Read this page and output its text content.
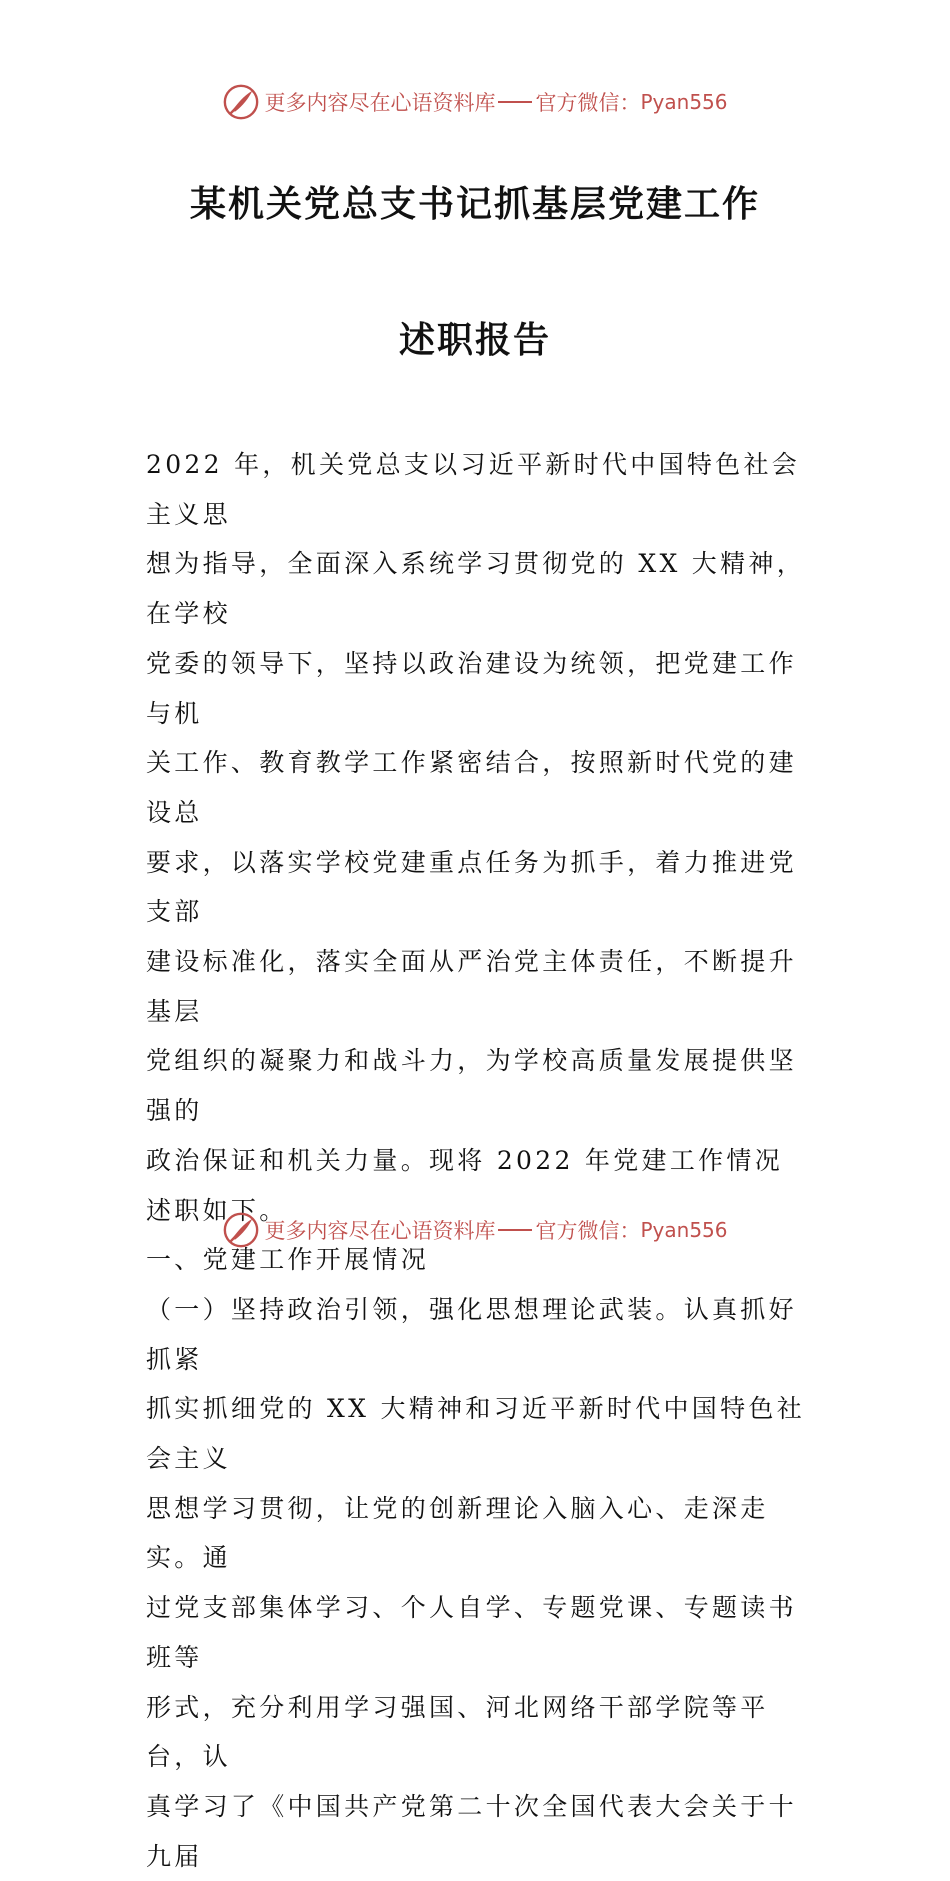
更多内容尽在心语资料库 官方微信： Pyan556
某机关党总支书记抓基层党建工作
述职报告

2022 年，机关党总支以习近平新时代中国特色社会主义思

想为指导，全面深入系统学习贯彻党的 XX 大精神，在学校

党委的领导下，坚持以政治建设为统领，把党建工作与机

关工作、教育教学工作紧密结合，按照新时代党的建设总

要求，以落实学校党建重点任务为抓手，着力推进党支部

建设标准化，落实全面从严治党主体责任，不断提升基层

党组织的凝聚力和战斗力，为学校高质量发展提供坚强的

政治保证和机关力量。现将 2022 年党建工作情况述职如下。

一、党建工作开展情况

（一）坚持政治引领，强化思想理论武装。认真抓好抓紧

抓实抓细党的 XX 大精神和习近平新时代中国特色社会主义

思想学习贯彻，让党的创新理论入脑入心、走深走实。通

过党支部集体学习、个人自学、专题党课、专题读书班等

形式，充分利用学习强国、河北网络干部学院等平台，认

真学习了《中国共产党第二十次全国代表大会关于十九届

更多内容尽在心语资料库 官方微信： Pyan556
